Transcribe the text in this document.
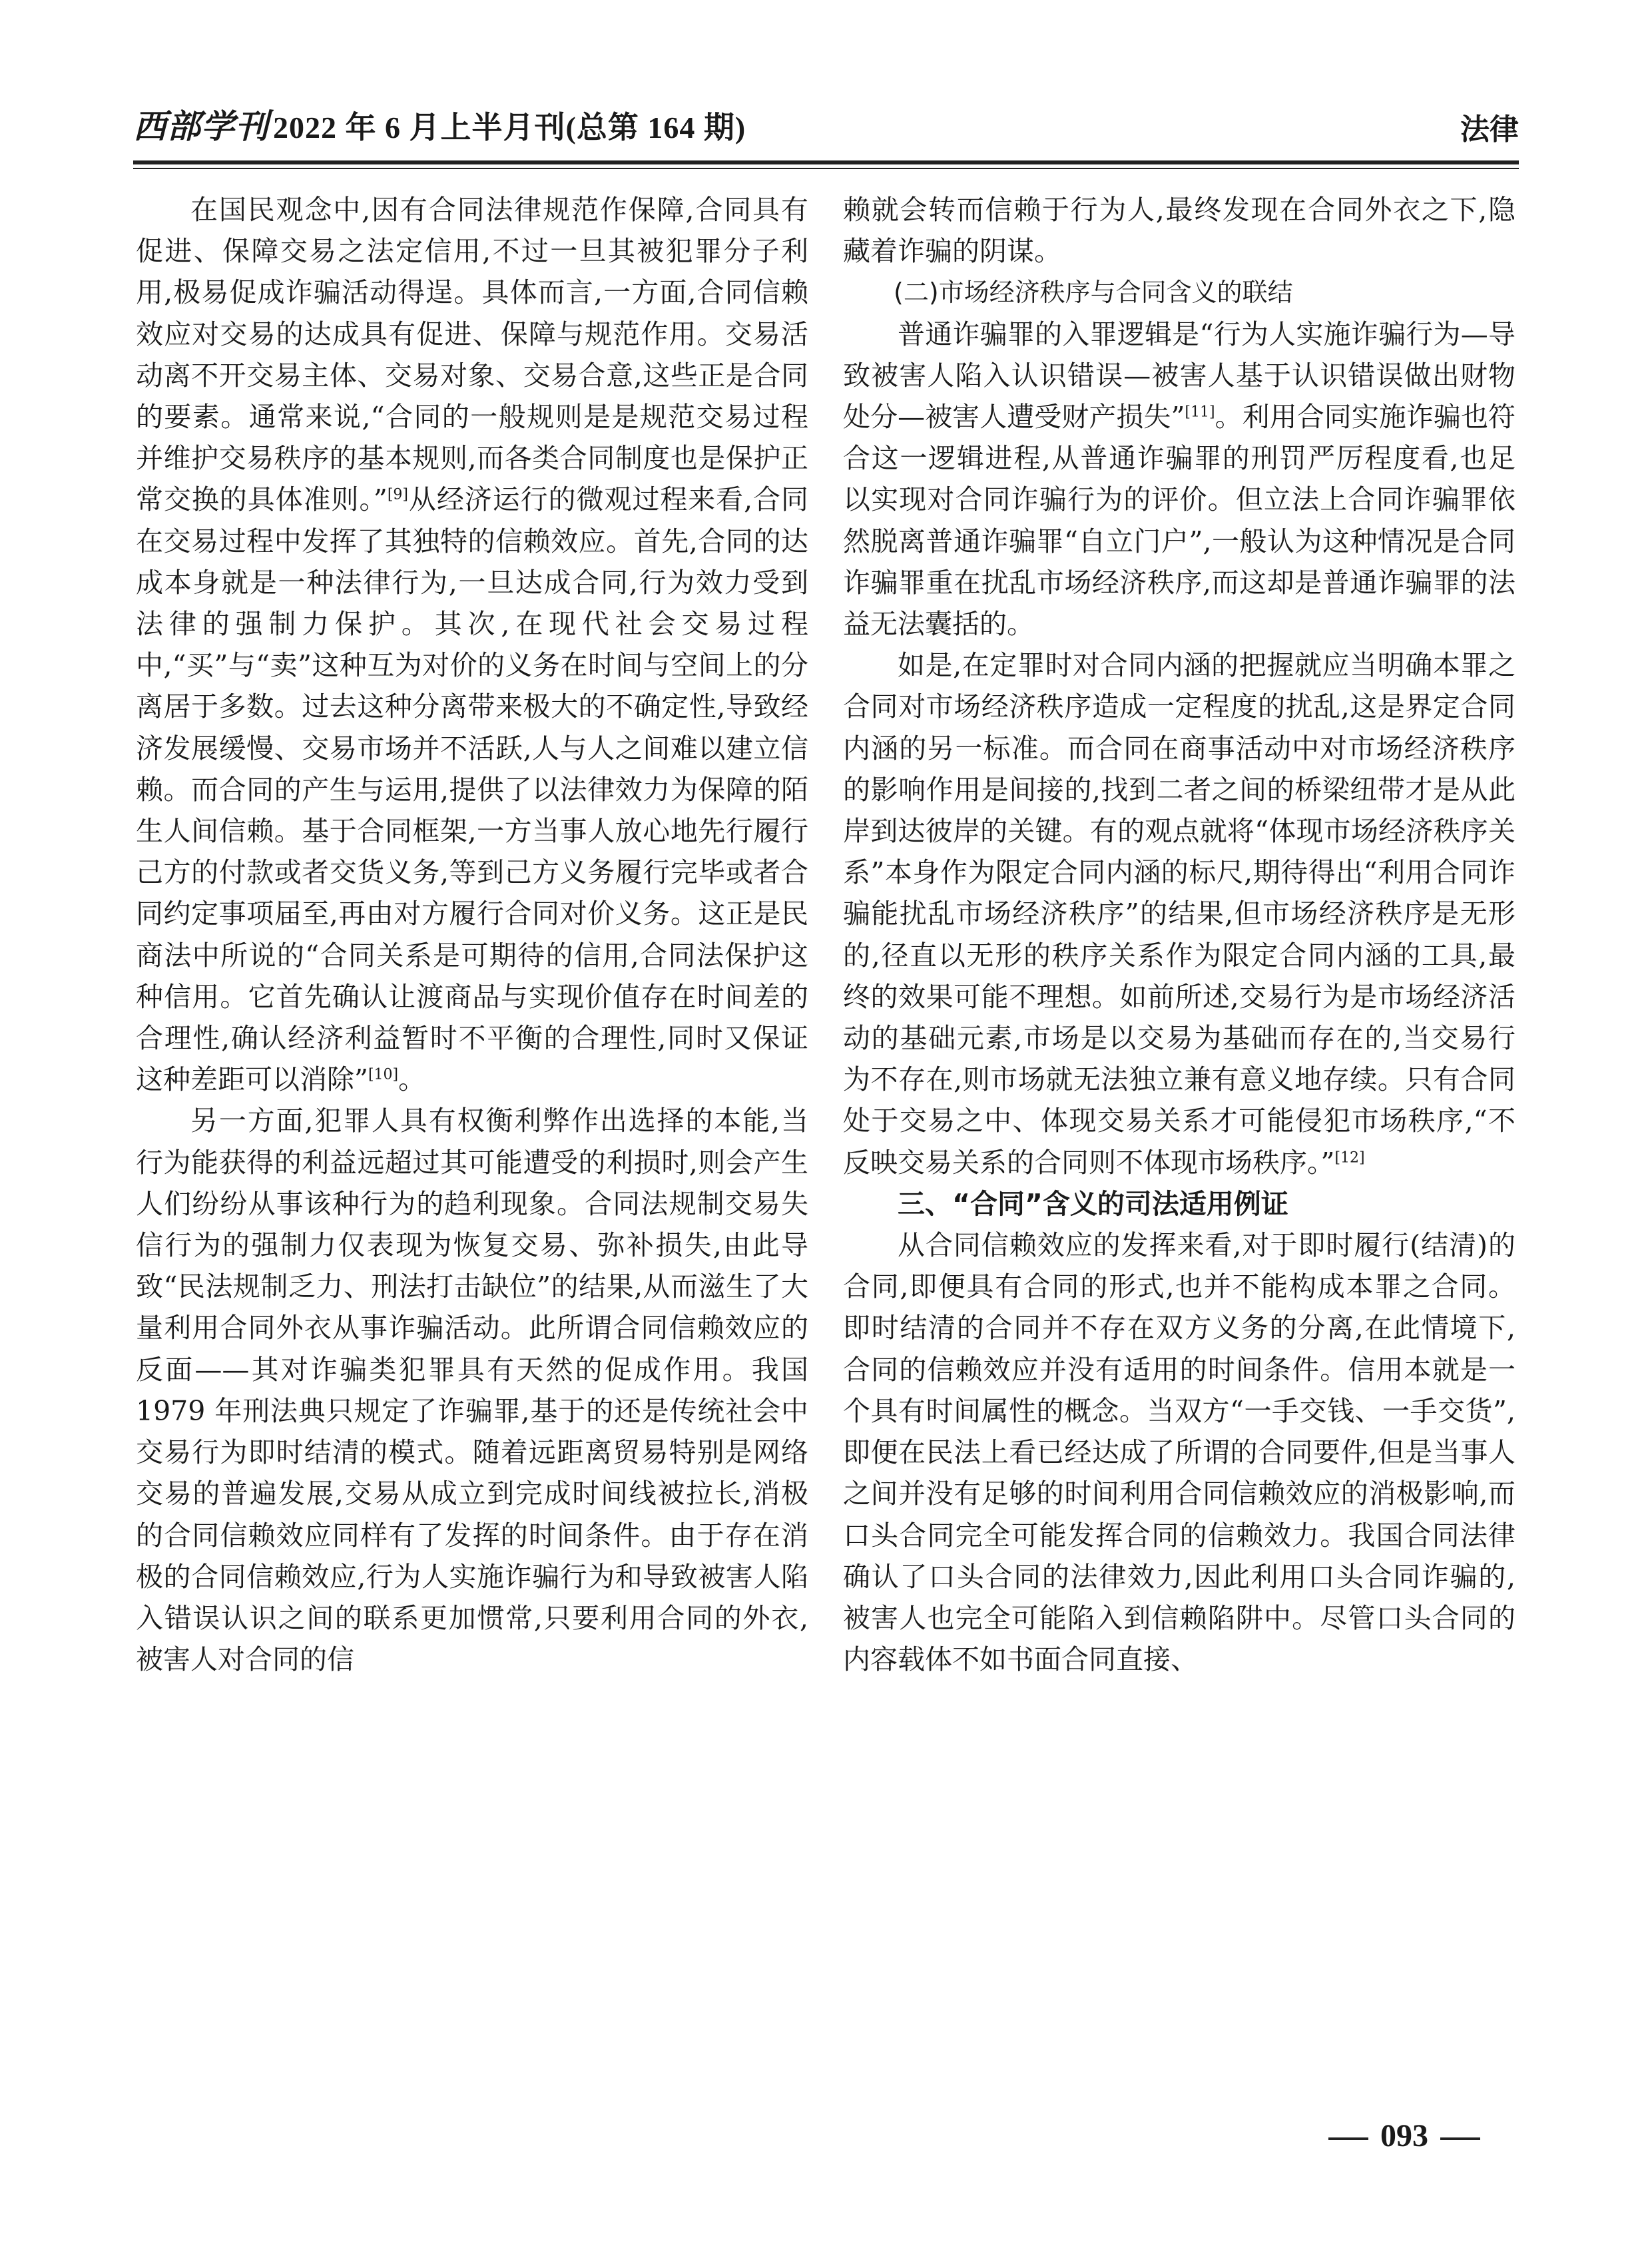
西部学刊 2022 年 6 月上半月刊(总第 164 期)	法律

在国民观念中,因有合同法律规范作保障,合同具有促进、保障交易之法定信用,不过一旦其被犯罪分子利用,极易促成诈骗活动得逞。具体而言,一方面,合同信赖效应对交易的达成具有促进、保障与规范作用。交易活动离不开交易主体、交易对象、交易合意,这些正是合同的要素。通常来说,“合同的一般规则是是规范交易过程并维护交易秩序的基本规则,而各类合同制度也是保护正常交换的具体准则。”[9]从经济运行的微观过程来看,合同在交易过程中发挥了其独特的信赖效应。首先,合同的达成本身就是一种法律行为,一旦达成合同,行为效力受到法律的强制力保护。其次,在现代社会交易过程中,“买”与“卖”这种互为对价的义务在时间与空间上的分离居于多数。过去这种分离带来极大的不确定性,导致经济发展缓慢、交易市场并不活跃,人与人之间难以建立信赖。而合同的产生与运用,提供了以法律效力为保障的陌生人间信赖。基于合同框架,一方当事人放心地先行履行己方的付款或者交货义务,等到己方义务履行完毕或者合同约定事项届至,再由对方履行合同对价义务。这正是民商法中所说的“合同关系是可期待的信用,合同法保护这种信用。它首先确认让渡商品与实现价值存在时间差的合理性,确认经济利益暂时不平衡的合理性,同时又保证这种差距可以消除”[10]。

另一方面,犯罪人具有权衡利弊作出选择的本能,当行为能获得的利益远超过其可能遭受的利损时,则会产生人们纷纷从事该种行为的趋利现象。合同法规制交易失信行为的强制力仅表现为恢复交易、弥补损失,由此导致“民法规制乏力、刑法打击缺位”的结果,从而滋生了大量利用合同外衣从事诈骗活动。此所谓合同信赖效应的反面——其对诈骗类犯罪具有天然的促成作用。我国 1979 年刑法典只规定了诈骗罪,基于的还是传统社会中交易行为即时结清的模式。随着远距离贸易特别是网络交易的普遍发展,交易从成立到完成时间线被拉长,消极的合同信赖效应同样有了发挥的时间条件。由于存在消极的合同信赖效应,行为人实施诈骗行为和导致被害人陷入错误认识之间的联系更加惯常,只要利用合同的外衣,被害人对合同的信

赖就会转而信赖于行为人,最终发现在合同外衣之下,隐藏着诈骗的阴谋。

(二)市场经济秩序与合同含义的联结

普通诈骗罪的入罪逻辑是“行为人实施诈骗行为—导致被害人陷入认识错误—被害人基于认识错误做出财物处分—被害人遭受财产损失”[11]。利用合同实施诈骗也符合这一逻辑进程,从普通诈骗罪的刑罚严厉程度看,也足以实现对合同诈骗行为的评价。但立法上合同诈骗罪依然脱离普通诈骗罪“自立门户”,一般认为这种情况是合同诈骗罪重在扰乱市场经济秩序,而这却是普通诈骗罪的法益无法囊括的。

如是,在定罪时对合同内涵的把握就应当明确本罪之合同对市场经济秩序造成一定程度的扰乱,这是界定合同内涵的另一标准。而合同在商事活动中对市场经济秩序的影响作用是间接的,找到二者之间的桥梁纽带才是从此岸到达彼岸的关键。有的观点就将“体现市场经济秩序关系”本身作为限定合同内涵的标尺,期待得出“利用合同诈骗能扰乱市场经济秩序”的结果,但市场经济秩序是无形的,径直以无形的秩序关系作为限定合同内涵的工具,最终的效果可能不理想。如前所述,交易行为是市场经济活动的基础元素,市场是以交易为基础而存在的,当交易行为不存在,则市场就无法独立兼有意义地存续。只有合同处于交易之中、体现交易关系才可能侵犯市场秩序,“不反映交易关系的合同则不体现市场秩序。”[12]

三、“合同”含义的司法适用例证

从合同信赖效应的发挥来看,对于即时履行(结清)的合同,即便具有合同的形式,也并不能构成本罪之合同。即时结清的合同并不存在双方义务的分离,在此情境下,合同的信赖效应并没有适用的时间条件。信用本就是一个具有时间属性的概念。当双方“一手交钱、一手交货”,即便在民法上看已经达成了所谓的合同要件,但是当事人之间并没有足够的时间利用合同信赖效应的消极影响,而口头合同完全可能发挥合同的信赖效力。我国合同法律确认了口头合同的法律效力,因此利用口头合同诈骗的,被害人也完全可能陷入到信赖陷阱中。尽管口头合同的内容载体不如书面合同直接、

093
